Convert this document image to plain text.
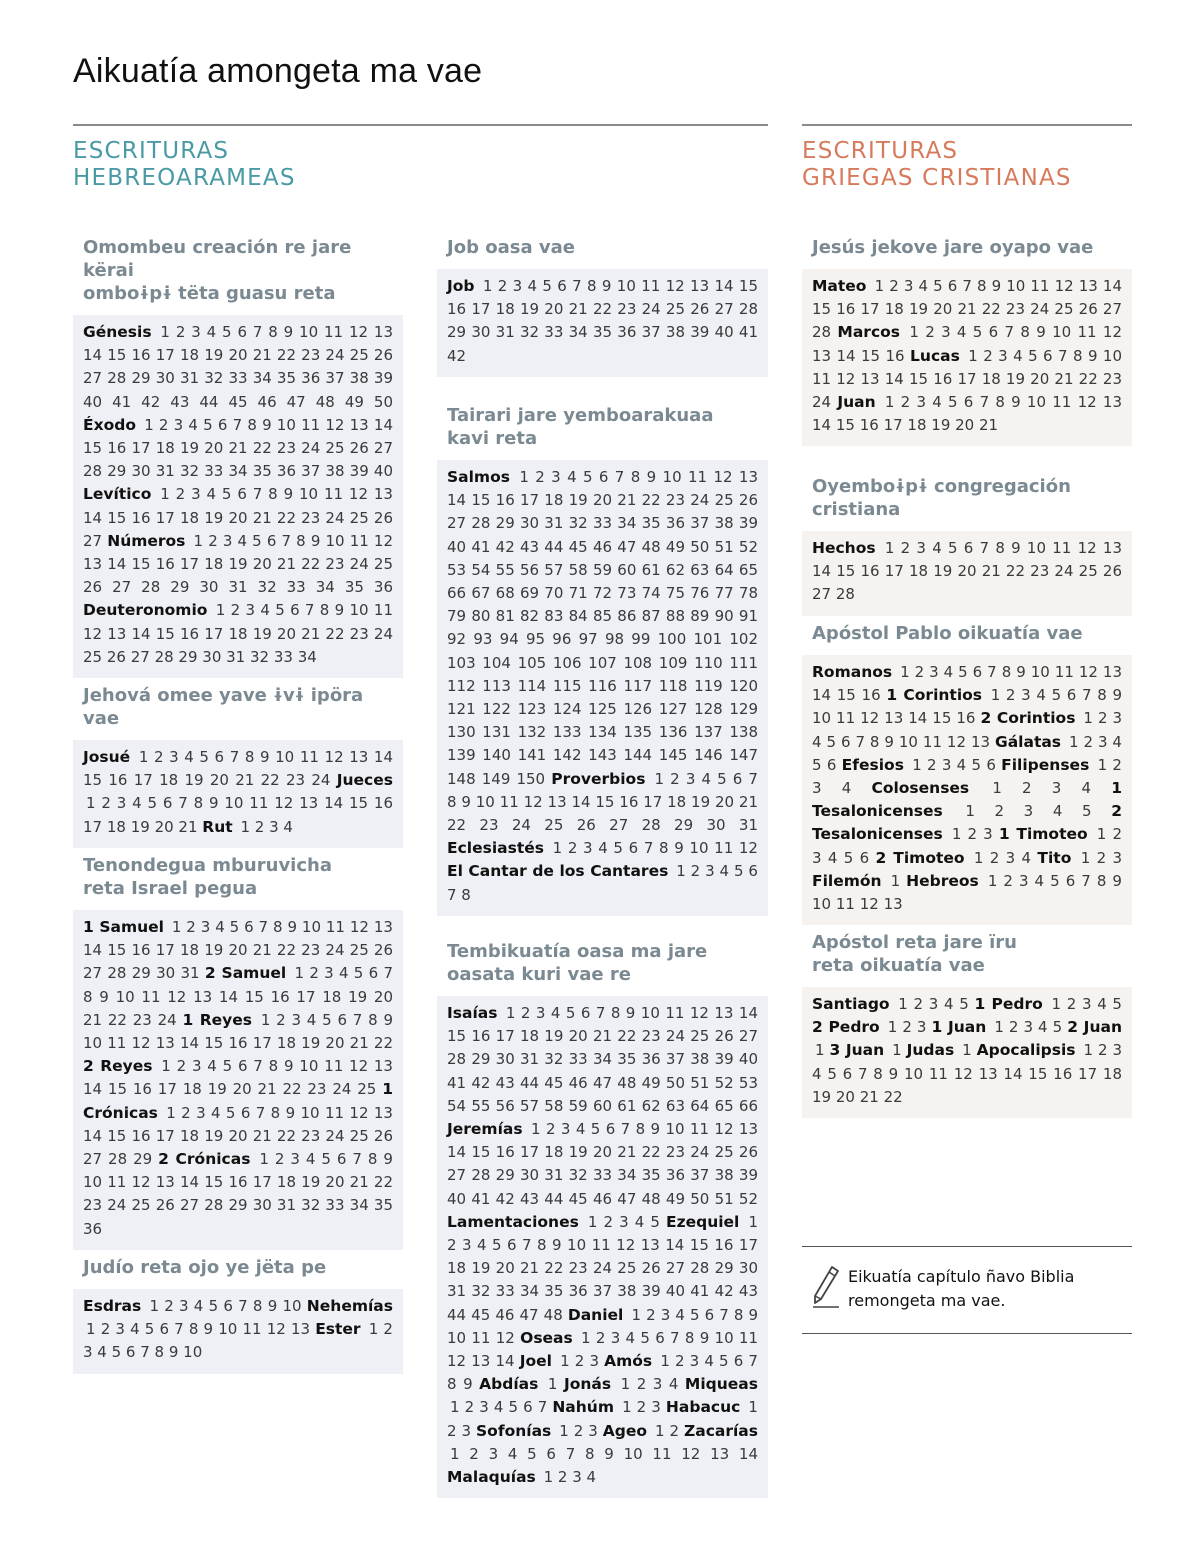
Aikuatía amongeta ma vae
ESCRITURAS
HEBREOARAMEAS
ESCRITURAS
GRIEGAS CRISTIANAS
Omombeu creación re jare kërai
omboɨpɨ tëta guasu reta
Génesis 1 2 3 4 5 6 7 8 9 10 11 12 13 14 15 16 17 18 19 20 21 22 23 24 25 26 27 28 29 30 31 32 33 34 35 36 37 38 39 40 41 42 43 44 45 46 47 48 49 50 Éxodo 1 2 3 4 5 6 7 8 9 10 11 12 13 14 15 16 17 18 19 20 21 22 23 24 25 26 27 28 29 30 31 32 33 34 35 36 37 38 39 40 Levítico 1 2 3 4 5 6 7 8 9 10 11 12 13 14 15 16 17 18 19 20 21 22 23 24 25 26 27 Números 1 2 3 4 5 6 7 8 9 10 11 12 13 14 15 16 17 18 19 20 21 22 23 24 25 26 27 28 29 30 31 32 33 34 35 36 Deuteronomio 1 2 3 4 5 6 7 8 9 10 11 12 13 14 15 16 17 18 19 20 21 22 23 24 25 26 27 28 29 30 31 32 33 34
Jehová omee yave ɨvɨ ipöra vae
Josué 1 2 3 4 5 6 7 8 9 10 11 12 13 14 15 16 17 18 19 20 21 22 23 24 Jueces 1 2 3 4 5 6 7 8 9 10 11 12 13 14 15 16 17 18 19 20 21 Rut 1 2 3 4
Tenondegua mburuvicha
reta Israel pegua
1 Samuel 1 2 3 4 5 6 7 8 9 10 11 12 13 14 15 16 17 18 19 20 21 22 23 24 25 26 27 28 29 30 31 2 Samuel 1 2 3 4 5 6 7 8 9 10 11 12 13 14 15 16 17 18 19 20 21 22 23 24 1 Reyes 1 2 3 4 5 6 7 8 9 10 11 12 13 14 15 16 17 18 19 20 21 22 2 Reyes 1 2 3 4 5 6 7 8 9 10 11 12 13 14 15 16 17 18 19 20 21 22 23 24 25 1 Crónicas 1 2 3 4 5 6 7 8 9 10 11 12 13 14 15 16 17 18 19 20 21 22 23 24 25 26 27 28 29 2 Crónicas 1 2 3 4 5 6 7 8 9 10 11 12 13 14 15 16 17 18 19 20 21 22 23 24 25 26 27 28 29 30 31 32 33 34 35 36
Judío reta ojo ye jëta pe
Esdras 1 2 3 4 5 6 7 8 9 10 Nehemías 1 2 3 4 5 6 7 8 9 10 11 12 13 Ester 1 2 3 4 5 6 7 8 9 10
Job oasa vae
Job 1 2 3 4 5 6 7 8 9 10 11 12 13 14 15 16 17 18 19 20 21 22 23 24 25 26 27 28 29 30 31 32 33 34 35 36 37 38 39 40 41 42
Tairari jare yemboarakuaa
kavi reta
Salmos 1 2 3 4 5 6 7 8 9 10 11 12 13 14 15 16 17 18 19 20 21 22 23 24 25 26 27 28 29 30 31 32 33 34 35 36 37 38 39 40 41 42 43 44 45 46 47 48 49 50 51 52 53 54 55 56 57 58 59 60 61 62 63 64 65 66 67 68 69 70 71 72 73 74 75 76 77 78 79 80 81 82 83 84 85 86 87 88 89 90 91 92 93 94 95 96 97 98 99 100 101 102 103 104 105 106 107 108 109 110 111 112 113 114 115 116 117 118 119 120 121 122 123 124 125 126 127 128 129 130 131 132 133 134 135 136 137 138 139 140 141 142 143 144 145 146 147 148 149 150 Proverbios 1 2 3 4 5 6 7 8 9 10 11 12 13 14 15 16 17 18 19 20 21 22 23 24 25 26 27 28 29 30 31 Eclesiastés 1 2 3 4 5 6 7 8 9 10 11 12 El Cantar de los Cantares 1 2 3 4 5 6 7 8
Tembikuatía oasa ma jare
oasata kuri vae re
Isaías 1 2 3 4 5 6 7 8 9 10 11 12 13 14 15 16 17 18 19 20 21 22 23 24 25 26 27 28 29 30 31 32 33 34 35 36 37 38 39 40 41 42 43 44 45 46 47 48 49 50 51 52 53 54 55 56 57 58 59 60 61 62 63 64 65 66 Jeremías 1 2 3 4 5 6 7 8 9 10 11 12 13 14 15 16 17 18 19 20 21 22 23 24 25 26 27 28 29 30 31 32 33 34 35 36 37 38 39 40 41 42 43 44 45 46 47 48 49 50 51 52 Lamentaciones 1 2 3 4 5 Ezequiel 1 2 3 4 5 6 7 8 9 10 11 12 13 14 15 16 17 18 19 20 21 22 23 24 25 26 27 28 29 30 31 32 33 34 35 36 37 38 39 40 41 42 43 44 45 46 47 48 Daniel 1 2 3 4 5 6 7 8 9 10 11 12 Oseas 1 2 3 4 5 6 7 8 9 10 11 12 13 14 Joel 1 2 3 Amós 1 2 3 4 5 6 7 8 9 Abdías 1 Jonás 1 2 3 4 Miqueas 1 2 3 4 5 6 7 Nahúm 1 2 3 Habacuc 1 2 3 Sofonías 1 2 3 Ageo 1 2 Zacarías 1 2 3 4 5 6 7 8 9 10 11 12 13 14 Malaquías 1 2 3 4
Jesús jekove jare oyapo vae
Mateo 1 2 3 4 5 6 7 8 9 10 11 12 13 14 15 16 17 18 19 20 21 22 23 24 25 26 27 28 Marcos 1 2 3 4 5 6 7 8 9 10 11 12 13 14 15 16 Lucas 1 2 3 4 5 6 7 8 9 10 11 12 13 14 15 16 17 18 19 20 21 22 23 24 Juan 1 2 3 4 5 6 7 8 9 10 11 12 13 14 15 16 17 18 19 20 21
Oyemboɨpɨ congregación
cristiana
Hechos 1 2 3 4 5 6 7 8 9 10 11 12 13 14 15 16 17 18 19 20 21 22 23 24 25 26 27 28
Apóstol Pablo oikuatía vae
Romanos 1 2 3 4 5 6 7 8 9 10 11 12 13 14 15 16 1 Corintios 1 2 3 4 5 6 7 8 9 10 11 12 13 14 15 16 2 Corintios 1 2 3 4 5 6 7 8 9 10 11 12 13 Gálatas 1 2 3 4 5 6 Efesios 1 2 3 4 5 6 Filipenses 1 2 3 4 Colosenses 1 2 3 4 1 Tesalonicenses 1 2 3 4 5 2 Tesalonicenses 1 2 3 1 Timoteo 1 2 3 4 5 6 2 Timoteo 1 2 3 4 Tito 1 2 3 Filemón 1 Hebreos 1 2 3 4 5 6 7 8 9 10 11 12 13
Apóstol reta jare ïru
reta oikuatía vae
Santiago 1 2 3 4 5 1 Pedro 1 2 3 4 5 2 Pedro 1 2 3 1 Juan 1 2 3 4 5 2 Juan 1 3 Juan 1 Judas 1 Apocalipsis 1 2 3 4 5 6 7 8 9 10 11 12 13 14 15 16 17 18 19 20 21 22

Eikuatía capítulo ñavo Biblia
remongeta ma vae.
